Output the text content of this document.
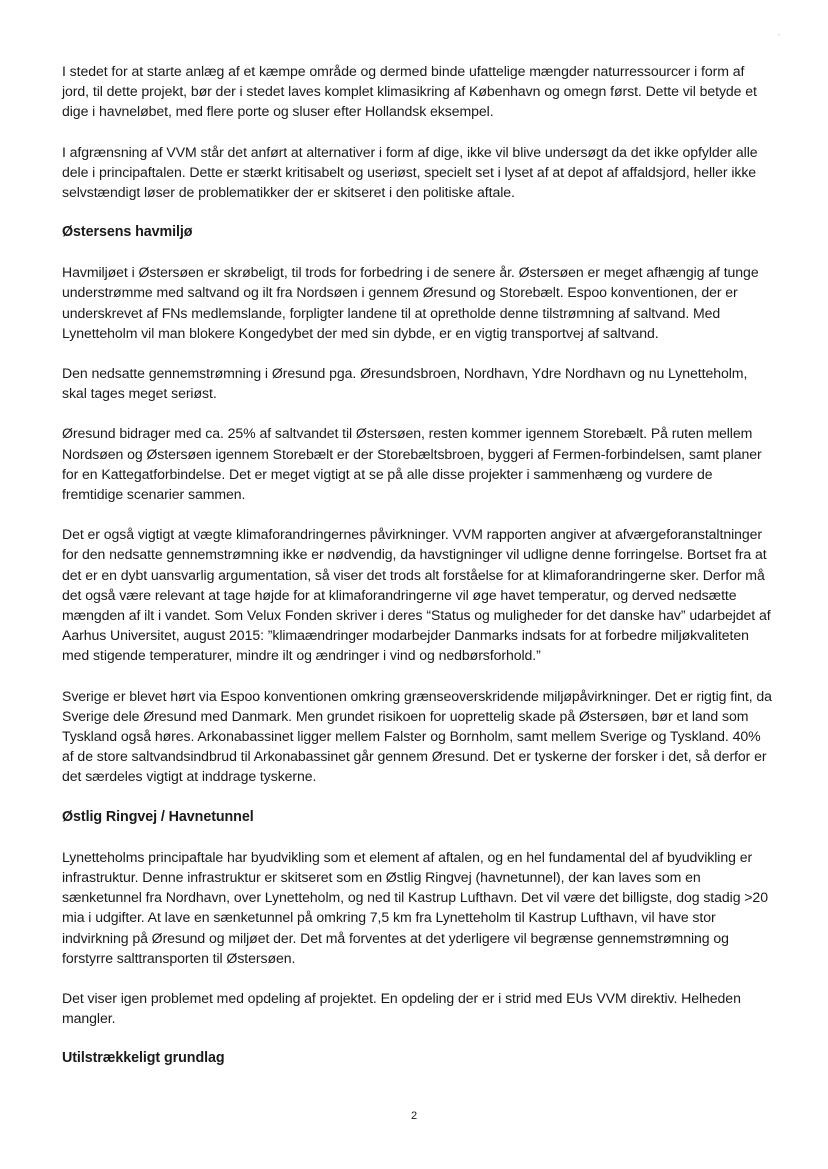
-

I stedet for at starte anlæg af et kæmpe område og dermed binde ufattelige mængder naturressourcer i form af jord, til dette projekt, bør der i stedet laves komplet klimasikring af København og omegn først. Dette vil betyde et dige i havneløbet, med flere porte og sluser efter Hollandsk eksempel.

I afgrænsning af VVM står det anført at alternativer i form af dige, ikke vil blive undersøgt da det ikke opfylder alle dele i principaftalen. Dette er stærkt kritisabelt og useriøst, specielt set i lyset af at depot af affaldsjord, heller ikke selvstændigt løser de problematikker der er skitseret i den politiske aftale.

Østersens havmiljø

Havmiljøet i Østersøen er skrøbeligt, til trods for forbedring i de senere år. Østersøen er meget afhængig af tunge understrømme med saltvand og ilt fra Nordsøen i gennem Øresund og Storebælt. Espoo konventionen, der er underskrevet af FNs medlemslande, forpligter landene til at opretholde denne tilstrømning af saltvand. Med Lynetteholm vil man blokere Kongedybet der med sin dybde, er en vigtig transportvej af saltvand.

Den nedsatte gennemstrømning i Øresund pga. Øresundsbroen, Nordhavn, Ydre Nordhavn og nu Lynetteholm, skal tages meget seriøst.

Øresund bidrager med ca. 25% af saltvandet til Østersøen, resten kommer igennem Storebælt. På ruten mellem Nordsøen og Østersøen igennem Storebælt er der Storebæltsbroen, byggeri af Fermen-forbindelsen, samt planer for en Kattegatforbindelse. Det er meget vigtigt at se på alle disse projekter i sammenhæng og vurdere de fremtidige scenarier sammen.

Det er også vigtigt at vægte klimaforandringernes påvirkninger. VVM rapporten angiver at afværgeforanstaltninger for den nedsatte gennemstrømning ikke er nødvendig, da havstigninger vil udligne denne forringelse. Bortset fra at det er en dybt uansvarlig argumentation, så viser det trods alt forståelse for at klimaforandringerne sker. Derfor må det også være relevant at tage højde for at klimaforandringerne vil øge havet temperatur, og derved nedsætte mængden af ilt i vandet. Som Velux Fonden skriver i deres “Status og muligheder for det danske hav” udarbejdet af Aarhus Universitet, august 2015: ”klimaændringer modarbejder Danmarks indsats for at forbedre miljøkvaliteten med stigende temperaturer, mindre ilt og ændringer i vind og nedbørsforhold.”

Sverige er blevet hørt via Espoo konventionen omkring grænseoverskridende miljøpåvirkninger. Det er rigtig fint, da Sverige dele Øresund med Danmark. Men grundet risikoen for uoprettelig skade på Østersøen, bør et land som Tyskland også høres. Arkonabassinet ligger mellem Falster og Bornholm, samt mellem Sverige og Tyskland. 40% af de store saltvandsindbrud til Arkonabassinet går gennem Øresund. Det er tyskerne der forsker i det, så derfor er det særdeles vigtigt at inddrage tyskerne.

Østlig Ringvej / Havnetunnel

Lynetteholms principaftale har byudvikling som et element af aftalen, og en hel fundamental del af byudvikling er infrastruktur. Denne infrastruktur er skitseret som en Østlig Ringvej (havnetunnel), der kan laves som en sænketunnel fra Nordhavn, over Lynetteholm, og ned til Kastrup Lufthavn. Det vil være det billigste, dog stadig >20 mia i udgifter. At lave en sænketunnel på omkring 7,5 km fra Lynetteholm til Kastrup Lufthavn, vil have stor indvirkning på Øresund og miljøet der. Det må forventes at det yderligere vil begrænse gennemstrømning og forstyrre salttransporten til Østersøen.

Det viser igen problemet med opdeling af projektet. En opdeling der er i strid med EUs VVM direktiv. Helheden mangler.

Utilstrækkeligt grundlag
2
